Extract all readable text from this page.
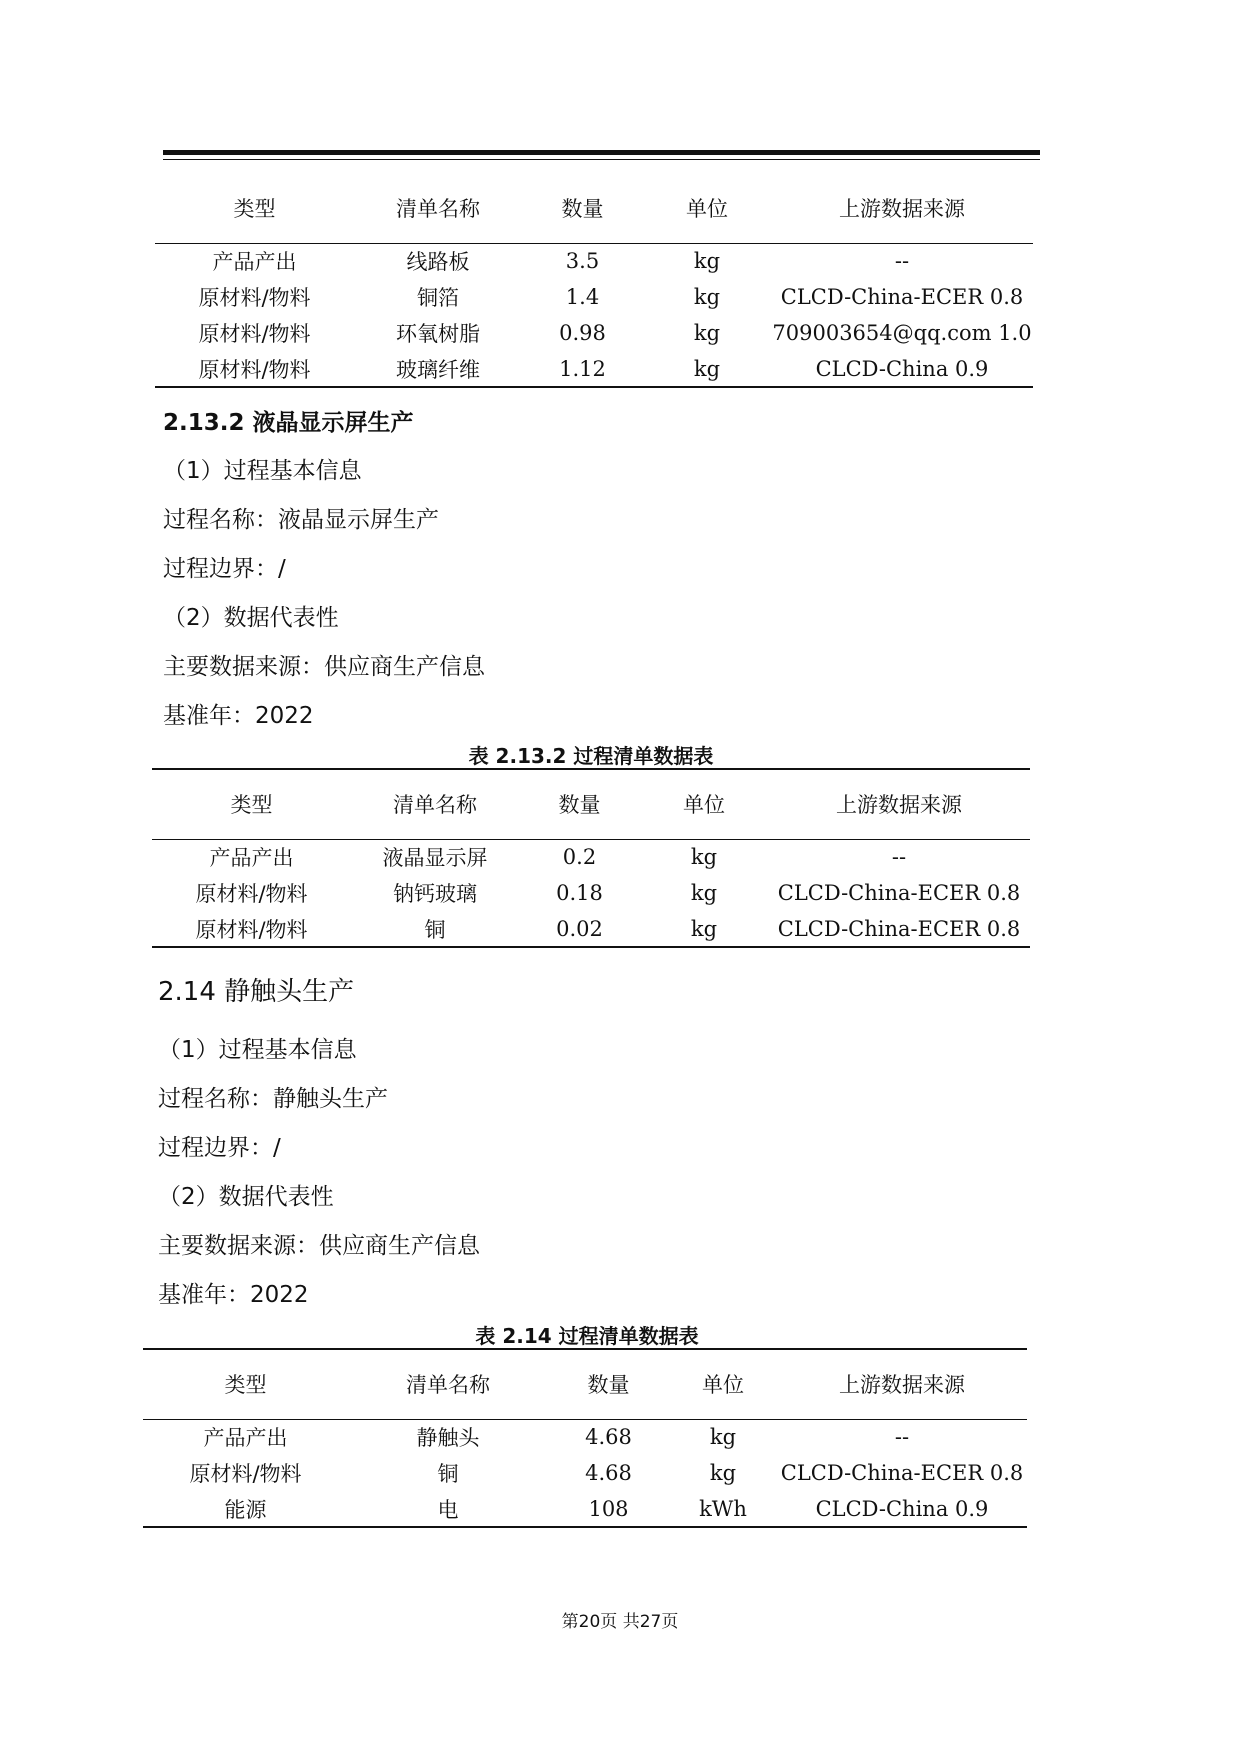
类型	清单名称	数量	单位	上游数据来源
产品产出	线路板	3.5	kg	--
原材料/物料	铜箔	1.4	kg	CLCD-China-ECER 0.8
原材料/物料	环氧树脂	0.98	kg	709003654@qq.com 1.0
原材料/物料	玻璃纤维	1.12	kg	CLCD-China 0.9
2.13.2 液晶显示屏生产
（1）过程基本信息
过程名称：液晶显示屏生产
过程边界：/
（2）数据代表性
主要数据来源：供应商生产信息
基准年：2022
表 2.13.2 过程清单数据表
类型	清单名称	数量	单位	上游数据来源
产品产出	液晶显示屏	0.2	kg	--
原材料/物料	钠钙玻璃	0.18	kg	CLCD-China-ECER 0.8
原材料/物料	铜	0.02	kg	CLCD-China-ECER 0.8
2.14 静触头生产
（1）过程基本信息
过程名称：静触头生产
过程边界：/
（2）数据代表性
主要数据来源：供应商生产信息
基准年：2022
表 2.14 过程清单数据表
类型	清单名称	数量	单位	上游数据来源
产品产出	静触头	4.68	kg	--
原材料/物料	铜	4.68	kg	CLCD-China-ECER 0.8
能源	电	108	kWh	CLCD-China 0.9
第20页 共27页
